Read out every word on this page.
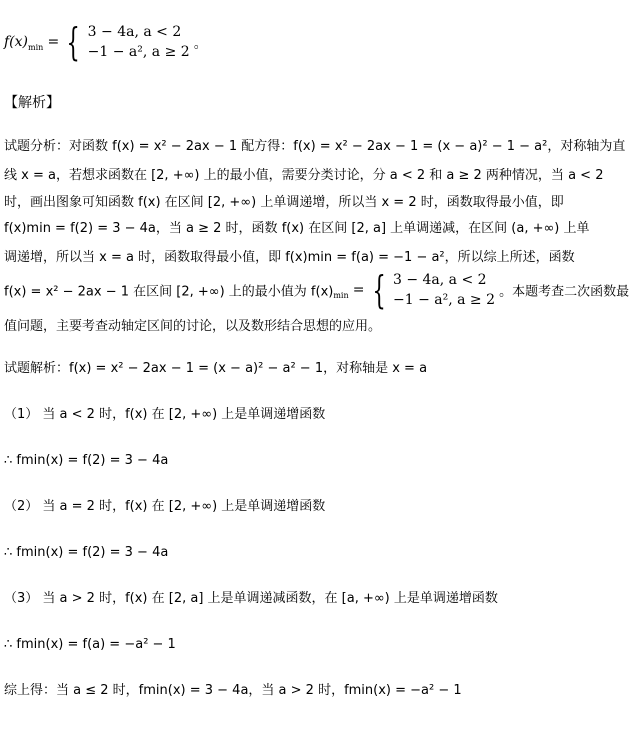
$f(x)_{min}$ = { 3 − 4a, a < 2
−1 − a², a ≥ 2 。
【解析】
试题分析：对函数 f(x) = x² − 2ax − 1 配方得：f(x) = x² − 2ax − 1 = (x − a)² − 1 − a²，对称轴为直
线 x = a，若想求函数在 [2, +∞) 上的最小值，需要分类讨论，分 a < 2 和 a ≥ 2 两种情况，当 a < 2
时，画出图象可知函数 f(x) 在区间 [2, +∞) 上单调递增，所以当 x = 2 时，函数取得最小值，即
f(x)min = f(2) = 3 − 4a，当 a ≥ 2 时，函数 f(x) 在区间 [2, a] 上单调递减，在区间 (a, +∞) 上单
调递增，所以当 x = a 时，函数取得最小值，即 f(x)min = f(a) = −1 − a²，所以综上所述，函数
f(x) = x² − 2ax − 1 在区间 [2, +∞) 上的最小值为 $f(x)_{min}$ = { 3 − 4a, a < 2
−1 − a², a ≥ 2 。本题考查二次函数最
值问题，主要考查动轴定区间的讨论，以及数形结合思想的应用。
试题解析：f(x) = x² − 2ax − 1 = (x − a)² − a² − 1，对称轴是 x = a
（1） 当 a < 2 时，f(x) 在 [2, +∞) 上是单调递增函数
∴ fmin(x) = f(2) = 3 − 4a
（2） 当 a = 2 时，f(x) 在 [2, +∞) 上是单调递增函数
∴ fmin(x) = f(2) = 3 − 4a
（3） 当 a > 2 时，f(x) 在 [2, a] 上是单调递减函数，在 [a, +∞) 上是单调递增函数
∴ fmin(x) = f(a) = −a² − 1
综上得：当 a ≤ 2 时，fmin(x) = 3 − 4a，当 a > 2 时，fmin(x) = −a² − 1
